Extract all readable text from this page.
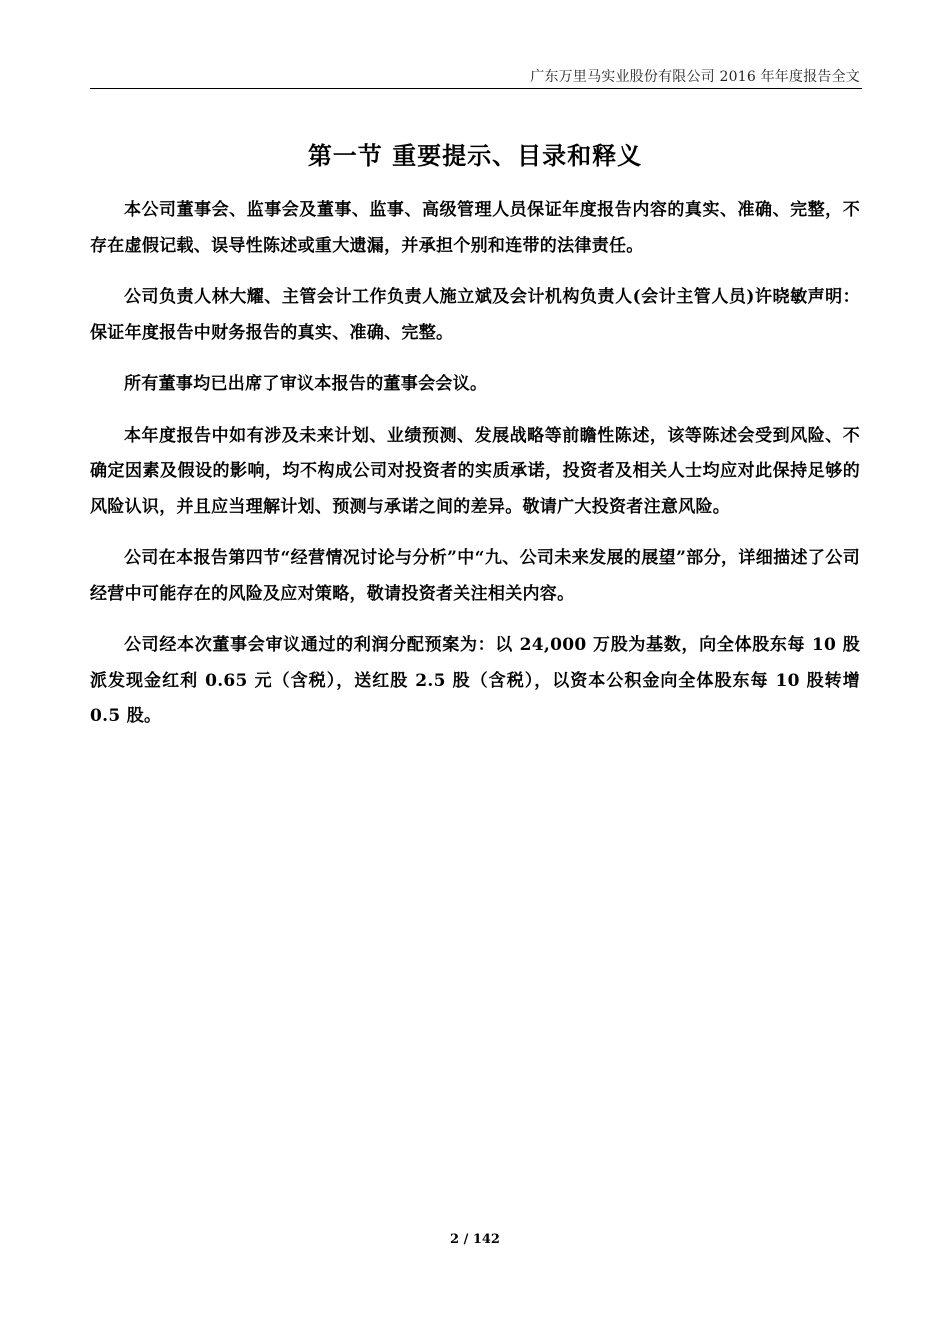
广东万里马实业股份有限公司 2016 年年度报告全文
第一节 重要提示、目录和释义

本公司董事会、监事会及董事、监事、高级管理人员保证年度报告内容的真实、准确、完整，不存在虚假记载、误导性陈述或重大遗漏，并承担个别和连带的法律责任。

公司负责人林大耀、主管会计工作负责人施立斌及会计机构负责人(会计主管人员)许晓敏声明：保证年度报告中财务报告的真实、准确、完整。

所有董事均已出席了审议本报告的董事会会议。

本年度报告中如有涉及未来计划、业绩预测、发展战略等前瞻性陈述，该等陈述会受到风险、不确定因素及假设的影响，均不构成公司对投资者的实质承诺，投资者及相关人士均应对此保持足够的风险认识，并且应当理解计划、预测与承诺之间的差异。敬请广大投资者注意风险。

公司在本报告第四节“经营情况讨论与分析”中“九、公司未来发展的展望”部分，详细描述了公司经营中可能存在的风险及应对策略，敬请投资者关注相关内容。

公司经本次董事会审议通过的利润分配预案为：以 24,000 万股为基数，向全体股东每 10 股派发现金红利 0.65 元（含税），送红股 2.5 股（含税），以资本公积金向全体股东每 10 股转增 0.5 股。

2 / 142
